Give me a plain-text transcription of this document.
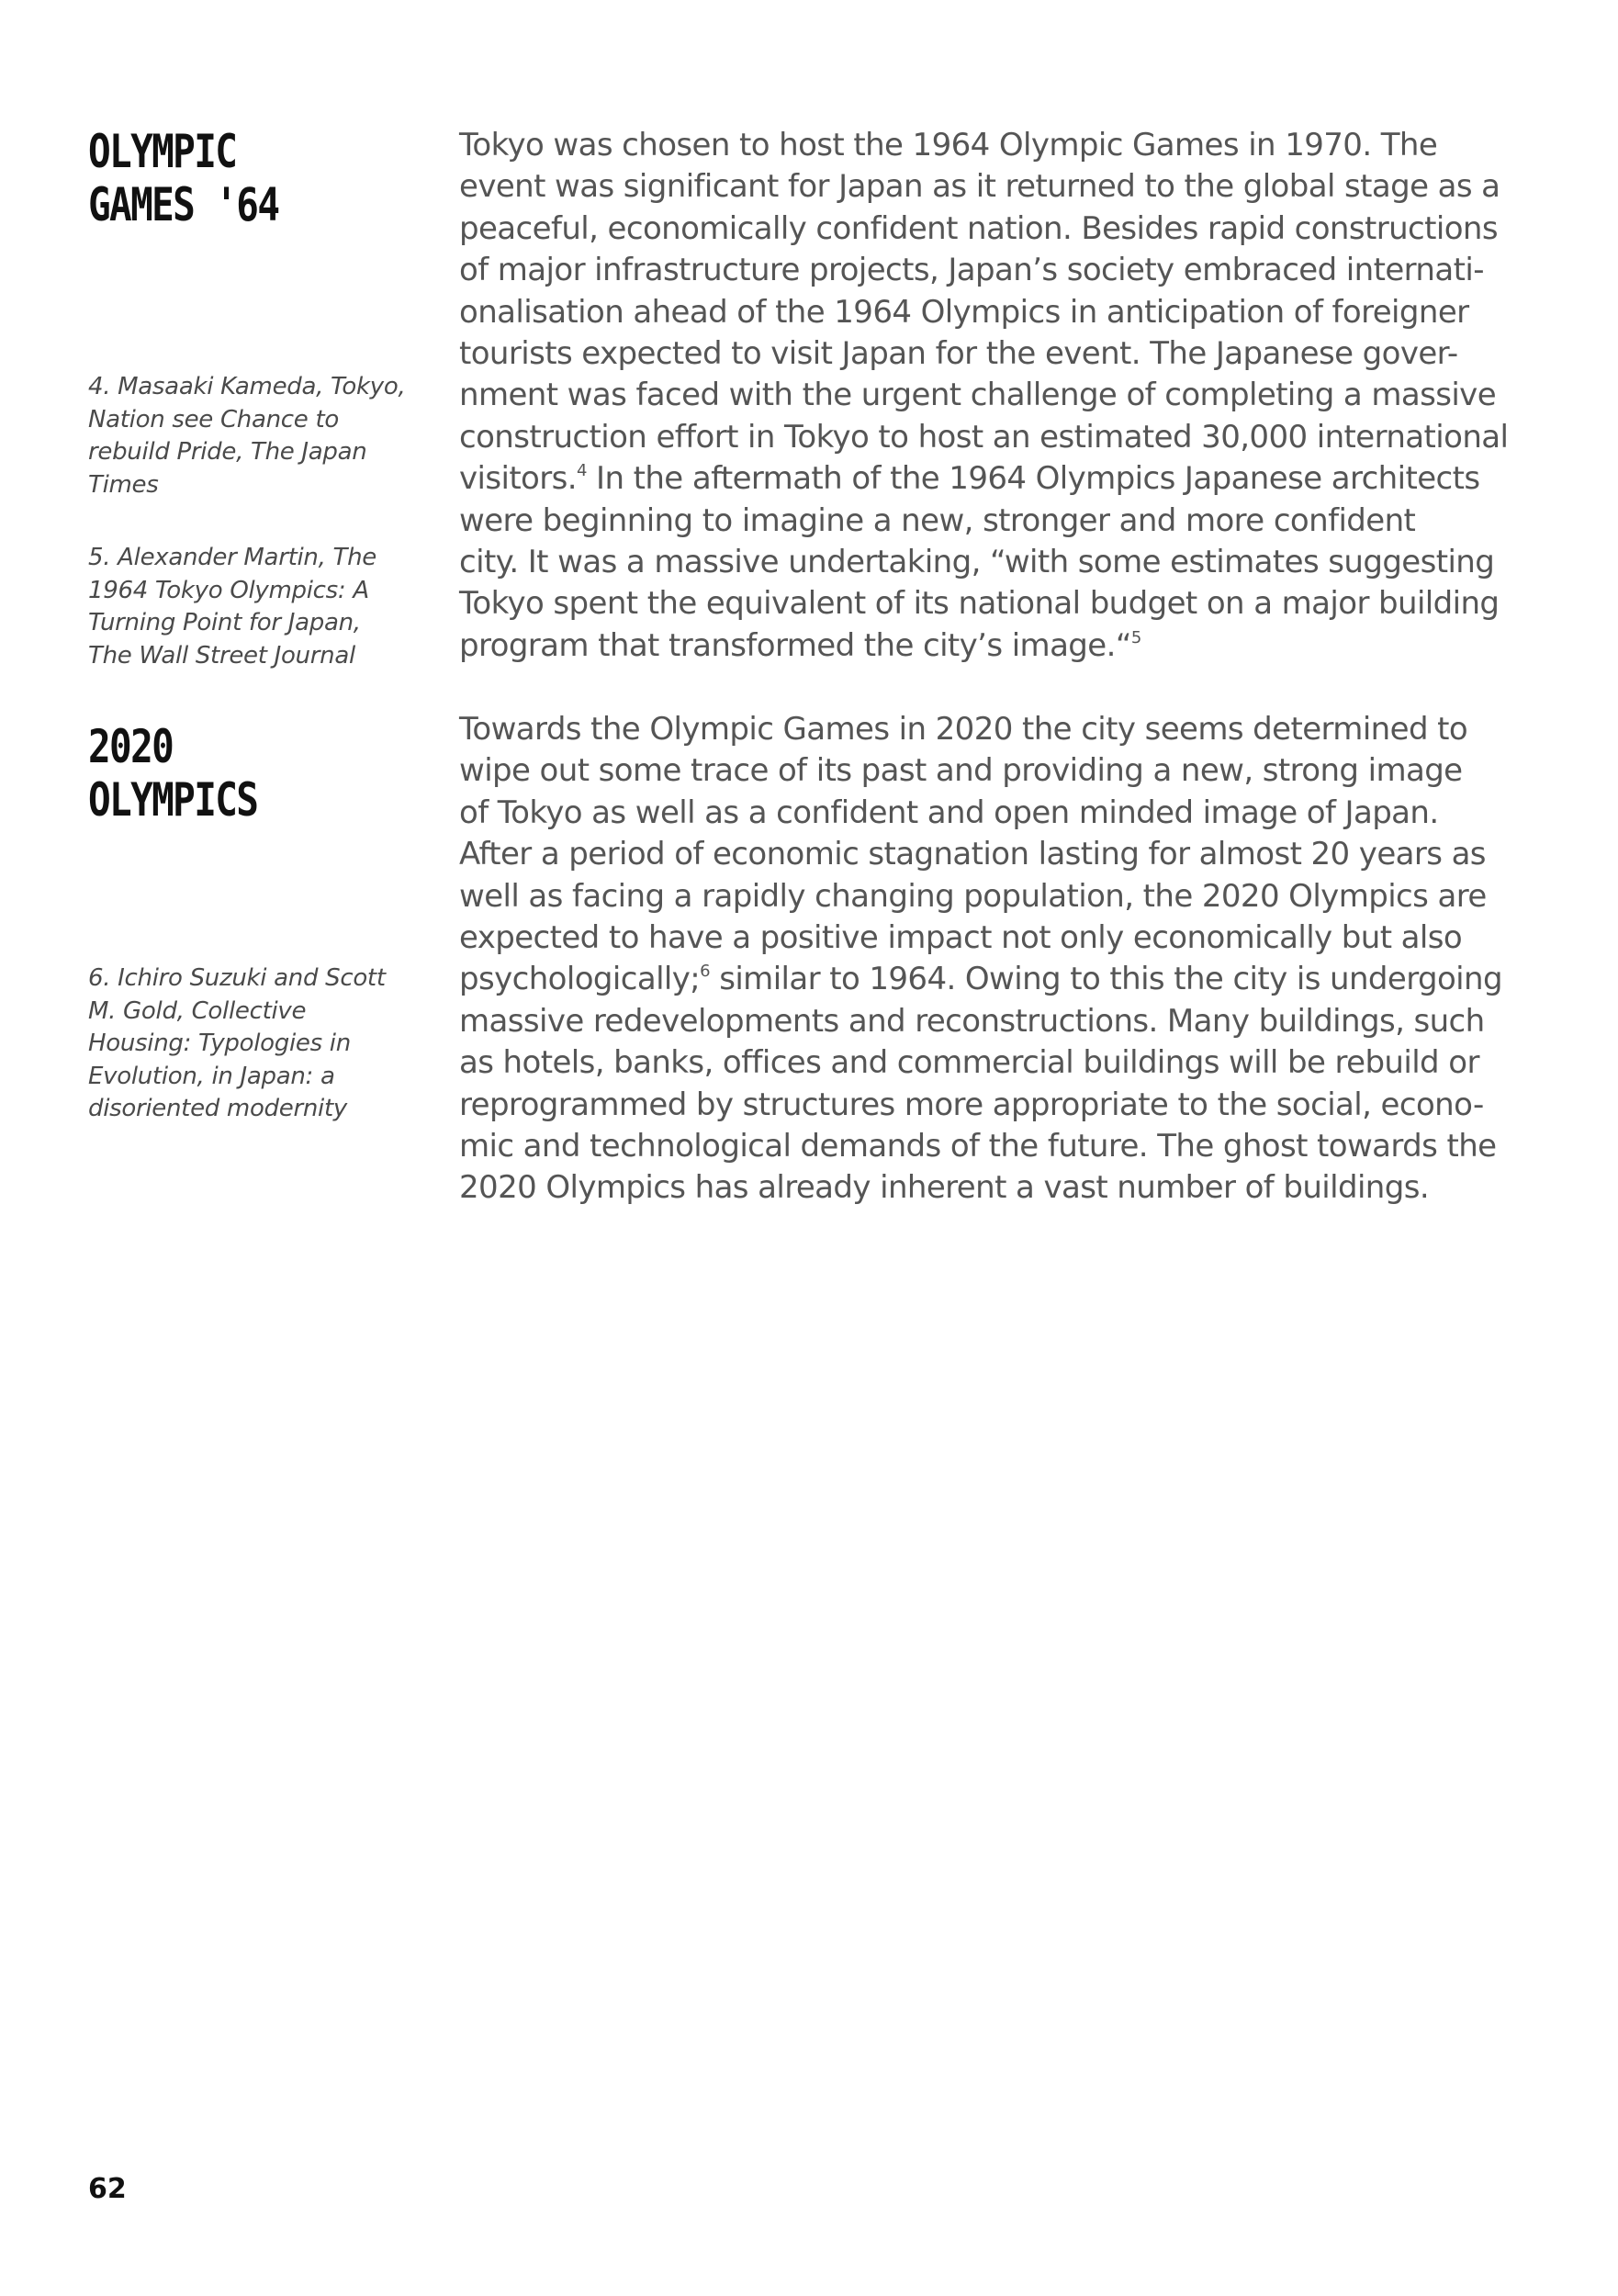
OLYMPIC
GAMES '64

4. Masaaki Kameda, Tokyo,
Nation see Chance to
rebuild Pride, The Japan
Times

5. Alexander Martin, The
1964 Tokyo Olympics: A
Turning Point for Japan,
The Wall Street Journal

2020
OLYMPICS

6. Ichiro Suzuki and Scott
M. Gold, Collective
Housing: Typologies in
Evolution, in Japan: a
disoriented modernity

Tokyo was chosen to host the 1964 Olympic Games in 1970. The
event was significant for Japan as it returned to the global stage as a
peaceful, economically confident nation. Besides rapid constructions
of major infrastructure projects, Japan’s society embraced internati-
onalisation ahead of the 1964 Olympics in anticipation of foreigner
tourists expected to visit Japan for the event. The Japanese gover-
nment was faced with the urgent challenge of completing a massive
construction effort in Tokyo to host an estimated 30,000 international
visitors.$^4$ In the aftermath of the 1964 Olympics Japanese architects
were beginning to imagine a new, stronger and more confident
city. It was a massive undertaking, “with some estimates suggesting
Tokyo spent the equivalent of its national budget on a major building
program that transformed the city’s image.“$^5$

Towards the Olympic Games in 2020 the city seems determined to
wipe out some trace of its past and providing a new, strong image
of Tokyo as well as a confident and open minded image of Japan.
After a period of economic stagnation lasting for almost 20 years as
well as facing a rapidly changing population, the 2020 Olympics are
expected to have a positive impact not only economically but also
psychologically;$^6$ similar to 1964. Owing to this the city is undergoing
massive redevelopments and reconstructions. Many buildings, such
as hotels, banks, offices and commercial buildings will be rebuild or
reprogrammed by structures more appropriate to the social, econo-
mic and technological demands of the future. The ghost towards the
2020 Olympics has already inherent a vast number of buildings.

62
